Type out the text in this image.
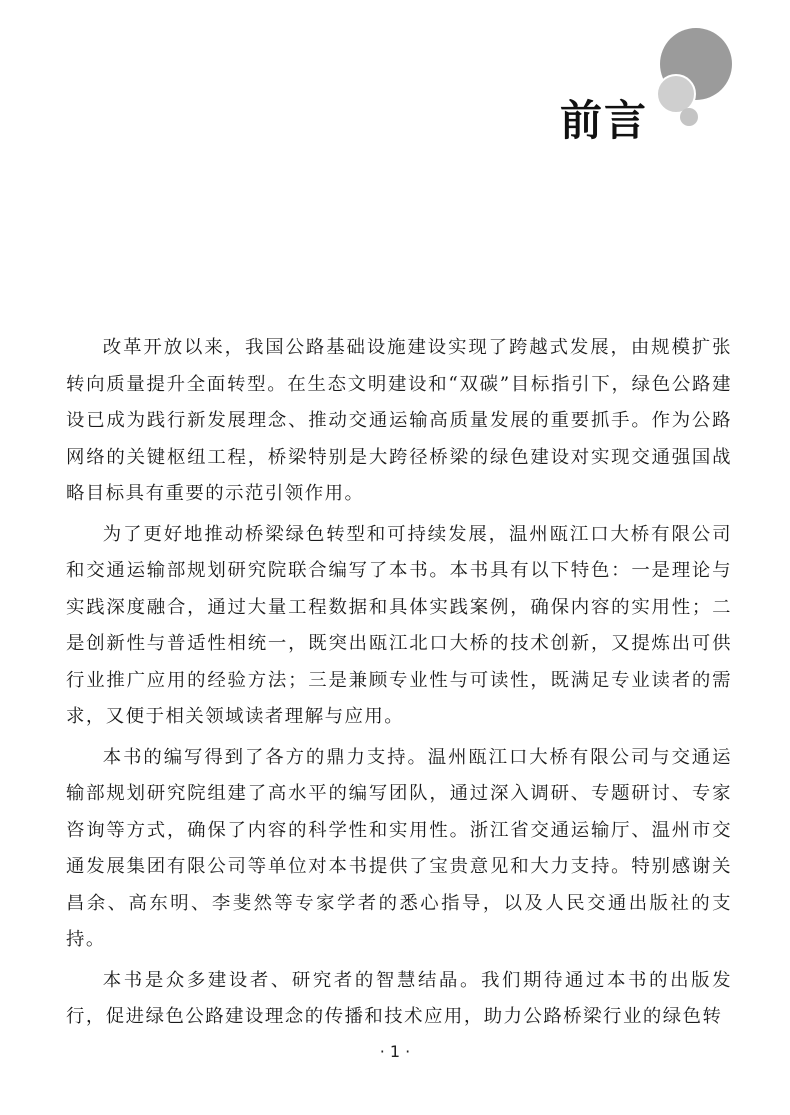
前言

改革开放以来，我国公路基础设施建设实现了跨越式发展，由规模扩张转向质量提升全面转型。在生态文明建设和“双碳”目标指引下，绿色公路建设已成为践行新发展理念、推动交通运输高质量发展的重要抓手。作为公路网络的关键枢纽工程，桥梁特别是大跨径桥梁的绿色建设对实现交通强国战略目标具有重要的示范引领作用。

为了更好地推动桥梁绿色转型和可持续发展，温州瓯江口大桥有限公司和交通运输部规划研究院联合编写了本书。本书具有以下特色：一是理论与实践深度融合，通过大量工程数据和具体实践案例，确保内容的实用性；二是创新性与普适性相统一，既突出瓯江北口大桥的技术创新，又提炼出可供行业推广应用的经验方法；三是兼顾专业性与可读性，既满足专业读者的需求，又便于相关领域读者理解与应用。

本书的编写得到了各方的鼎力支持。温州瓯江口大桥有限公司与交通运输部规划研究院组建了高水平的编写团队，通过深入调研、专题研讨、专家咨询等方式，确保了内容的科学性和实用性。浙江省交通运输厅、温州市交通发展集团有限公司等单位对本书提供了宝贵意见和大力支持。特别感谢关昌余、高东明、李斐然等专家学者的悉心指导，以及人民交通出版社的支持。

本书是众多建设者、研究者的智慧结晶。我们期待通过本书的出版发行，促进绿色公路建设理念的传播和技术应用，助力公路桥梁行业的绿色转

· 1 ·
